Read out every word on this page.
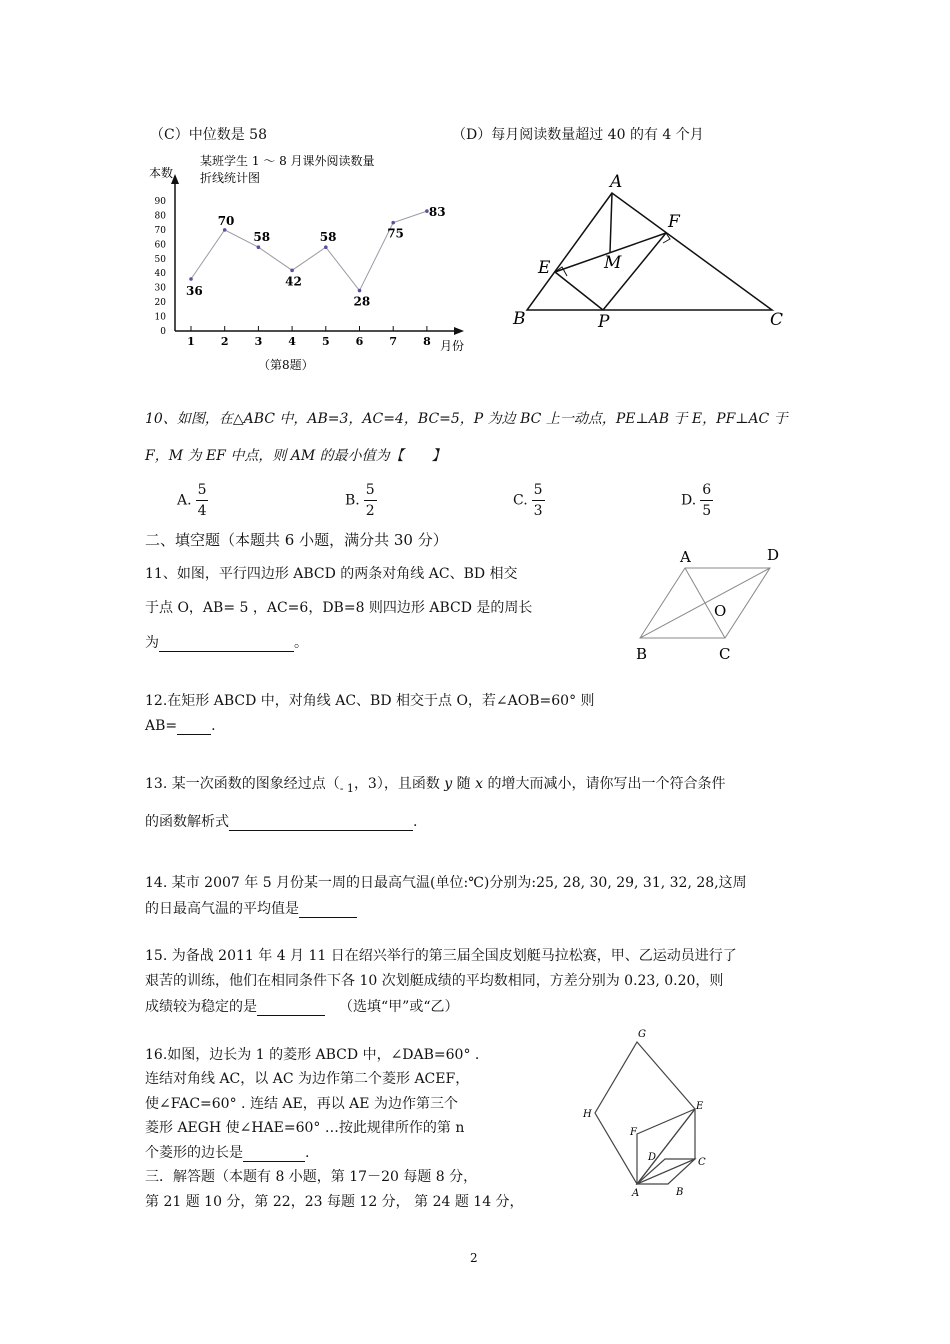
（C）中位数是 58	（D）每月阅读数量超过 40 的有 4 个月
某班学生 1 ～ 8 月课外阅读数量
折线统计图
本数
月份
（第8题）
0
10
20
30
40
50
60
70
80
90
1 2 3 4 5 6 7 8
36
70
58
42
58
28
75
83
A
B	C
E
F
M
P
10、如图，在△ABC 中，AB=3，AC=4，BC=5，P 为边 BC 上一动点，PE⊥AB 于 E，PF⊥AC 于
F，M 为 EF 中点，则 AM 的最小值为【　　】
A. $\frac{5}{4}$	B. $\frac{5}{2}$	C. $\frac{5}{3}$	D. $\frac{6}{5}$
二、填空题（本题共 6 小题，满分共 30 分）
11、如图，平行四边形 ABCD 的两条对角线 AC、BD 相交
于点 O，AB= 5 ，AC=6，DB=8 则四边形 ABCD 是的周长
为	。
A	D
O
B	C
12.在矩形 ABCD 中，对角线 AC、BD 相交于点 O，若∠AOB=60° 则
AB= .
13. 某一次函数的图象经过点（$_{- 1}$，3），且函数 y 随 x 的增大而减小，请你写出一个符合条件
的函数解析式	.
14. 某市 2007 年 5 月份某一周的日最高气温(单位:℃)分别为:25, 28, 30, 29, 31, 32, 28,这周
的日最高气温的平均值是
15. 为备战 2011 年 4 月 11 日在绍兴举行的第三届全国皮划艇马拉松赛，甲、乙运动员进行了
艰苦的训练，他们在相同条件下各 10 次划艇成绩的平均数相同，方差分别为 0.23, 0.20，则
成绩较为稳定的是	（选填“甲”或“乙）
16.如图，边长为 1 的菱形 ABCD 中，∠DAB=60° .
连结对角线 AC，以 AC 为边作第二个菱形 ACEF，
使∠FAC=60° . 连结 AE，再以 AE 为边作第三个
菱形 AEGH 使∠HAE=60° …按此规律所作的第 n
个菱形的边长是	.
三．解答题（本题有 8 小题，第 17－20 每题 8 分，
第 21 题 10 分，第 22，23 每题 12 分， 第 24 题 14 分，
G
H
E
F
D	C
A	B
2
